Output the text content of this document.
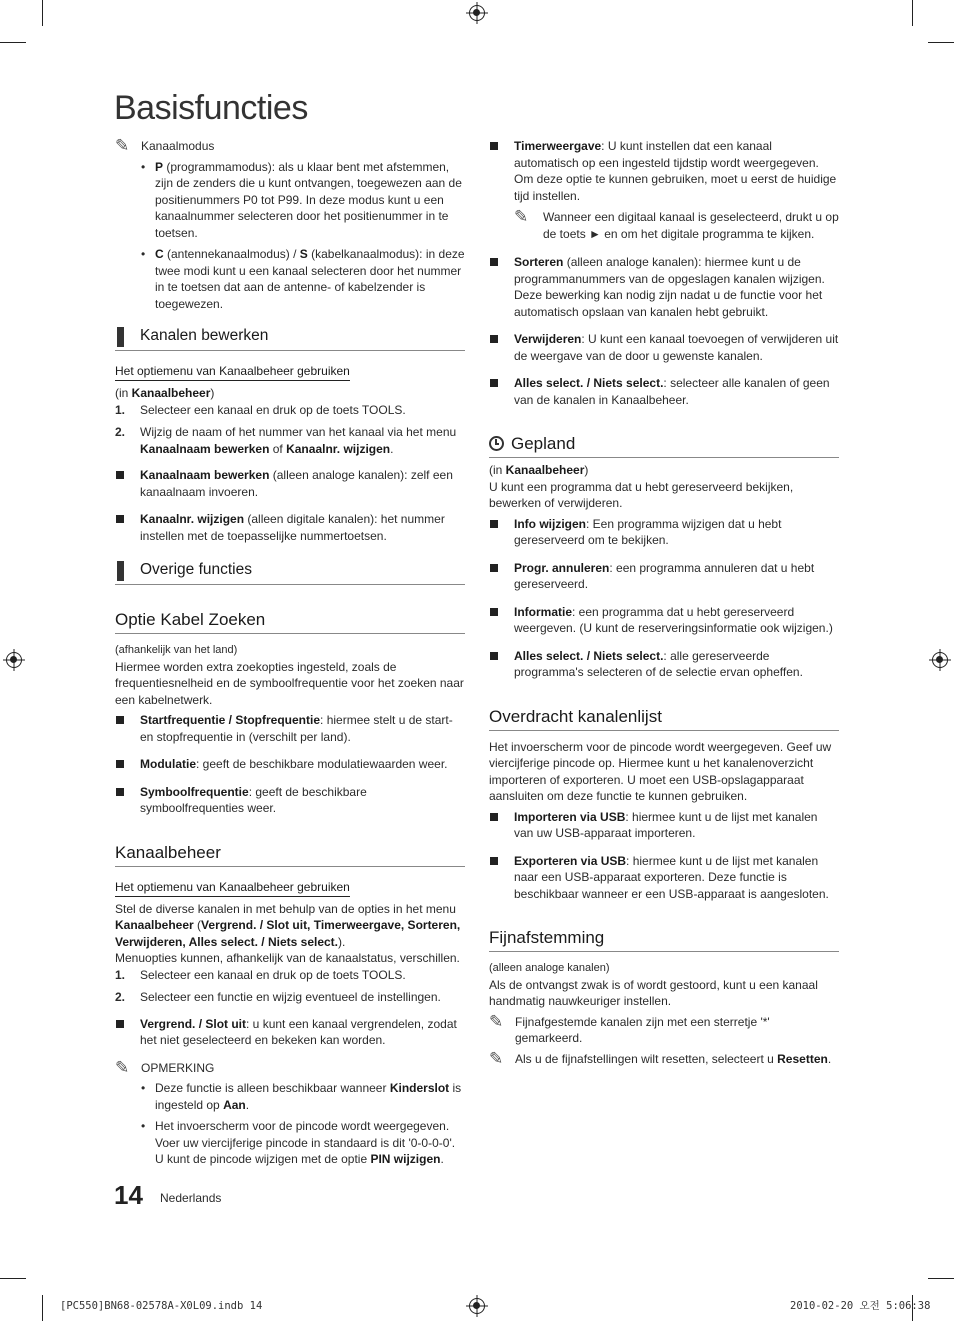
Basisfuncties
✎ Kanaalmodus
• P (programmamodus): als u klaar bent met afstemmen, zijn de zenders die u kunt ontvangen, toegewezen aan de positienummers P0 tot P99. In deze modus kunt u een kanaalnummer selecteren door het positienummer in te toetsen.
• C (antennekanaalmodus) / S (kabelkanaalmodus): in deze twee modi kunt u een kanaal selecteren door het nummer in te toetsen dat aan de antenne- of kabelzender is toegewezen.
Kanalen bewerken
Het optiemenu van Kanaalbeheer gebruiken
(in Kanaalbeheer)
1. Selecteer een kanaal en druk op de toets TOOLS.
2. Wijzig de naam of het nummer van het kanaal via het menu Kanaalnaam bewerken of Kanaalnr. wijzigen.
Kanaalnaam bewerken (alleen analoge kanalen): zelf een kanaalnaam invoeren.
Kanaalnr. wijzigen (alleen digitale kanalen): het nummer instellen met de toepasselijke nummertoetsen.
Overige functies
Optie Kabel Zoeken
(afhankelijk van het land)
Hiermee worden extra zoekopties ingesteld, zoals de frequentiesnelheid en de symboolfrequentie voor het zoeken naar een kabelnetwerk.
Startfrequentie / Stopfrequentie: hiermee stelt u de start- en stopfrequentie in (verschilt per land).
Modulatie: geeft de beschikbare modulatiewaarden weer.
Symboolfrequentie: geeft de beschikbare symboolfrequenties weer.
Kanaalbeheer
Het optiemenu van Kanaalbeheer gebruiken
Stel de diverse kanalen in met behulp van de opties in het menu Kanaalbeheer (Vergrend. / Slot uit, Timerweergave, Sorteren, Verwijderen, Alles select. / Niets select.).
Menuopties kunnen, afhankelijk van de kanaalstatus, verschillen.
1. Selecteer een kanaal en druk op de toets TOOLS.
2. Selecteer een functie en wijzig eventueel de instellingen.
Vergrend. / Slot uit: u kunt een kanaal vergrendelen, zodat het niet geselecteerd en bekeken kan worden.
✎ OPMERKING
• Deze functie is alleen beschikbaar wanneer Kinderslot is ingesteld op Aan.
• Het invoerscherm voor de pincode wordt weergegeven. Voer uw viercijferige pincode in standaard is dit '0-0-0-0'. U kunt de pincode wijzigen met de optie PIN wijzigen.
Timerweergave: U kunt instellen dat een kanaal automatisch op een ingesteld tijdstip wordt weergegeven. Om deze optie te kunnen gebruiken, moet u eerst de huidige tijd instellen.
✎ Wanneer een digitaal kanaal is geselecteerd, drukt u op de toets ► en om het digitale programma te kijken.
Sorteren (alleen analoge kanalen): hiermee kunt u de programmanummers van de opgeslagen kanalen wijzigen. Deze bewerking kan nodig zijn nadat u de functie voor het automatisch opslaan van kanalen hebt gebruikt.
Verwijderen: U kunt een kanaal toevoegen of verwijderen uit de weergave van de door u gewenste kanalen.
Alles select. / Niets select.: selecteer alle kanalen of geen van de kanalen in Kanaalbeheer.
Gepland
(in Kanaalbeheer)
U kunt een programma dat u hebt gereserveerd bekijken, bewerken of verwijderen.
Info wijzigen: Een programma wijzigen dat u hebt gereserveerd om te bekijken.
Progr. annuleren: een programma annuleren dat u hebt gereserveerd.
Informatie: een programma dat u hebt gereserveerd weergeven. (U kunt de reserveringsinformatie ook wijzigen.)
Alles select. / Niets select.: alle gereserveerde programma's selecteren of de selectie ervan opheffen.
Overdracht kanalenlijst
Het invoerscherm voor de pincode wordt weergegeven. Geef uw viercijferige pincode op. Hiermee kunt u het kanalenoverzicht importeren of exporteren. U moet een USB-opslagapparaat aansluiten om deze functie te kunnen gebruiken.
Importeren via USB: hiermee kunt u de lijst met kanalen van uw USB-apparaat importeren.
Exporteren via USB: hiermee kunt u de lijst met kanalen naar een USB-apparaat exporteren. Deze functie is beschikbaar wanneer er een USB-apparaat is aangesloten.
Fijnafstemming
(alleen analoge kanalen)
Als de ontvangst zwak is of wordt gestoord, kunt u een kanaal handmatig nauwkeuriger instellen.
✎ Fijnafgestemde kanalen zijn met een sterretje '*' gemarkeerd.
✎ Als u de fijnafstellingen wilt resetten, selecteert u Resetten.
14 Nederlands
[PC550]BN68-02578A-X0L09.indb 14	2010-02-20 오전 5:06:38
